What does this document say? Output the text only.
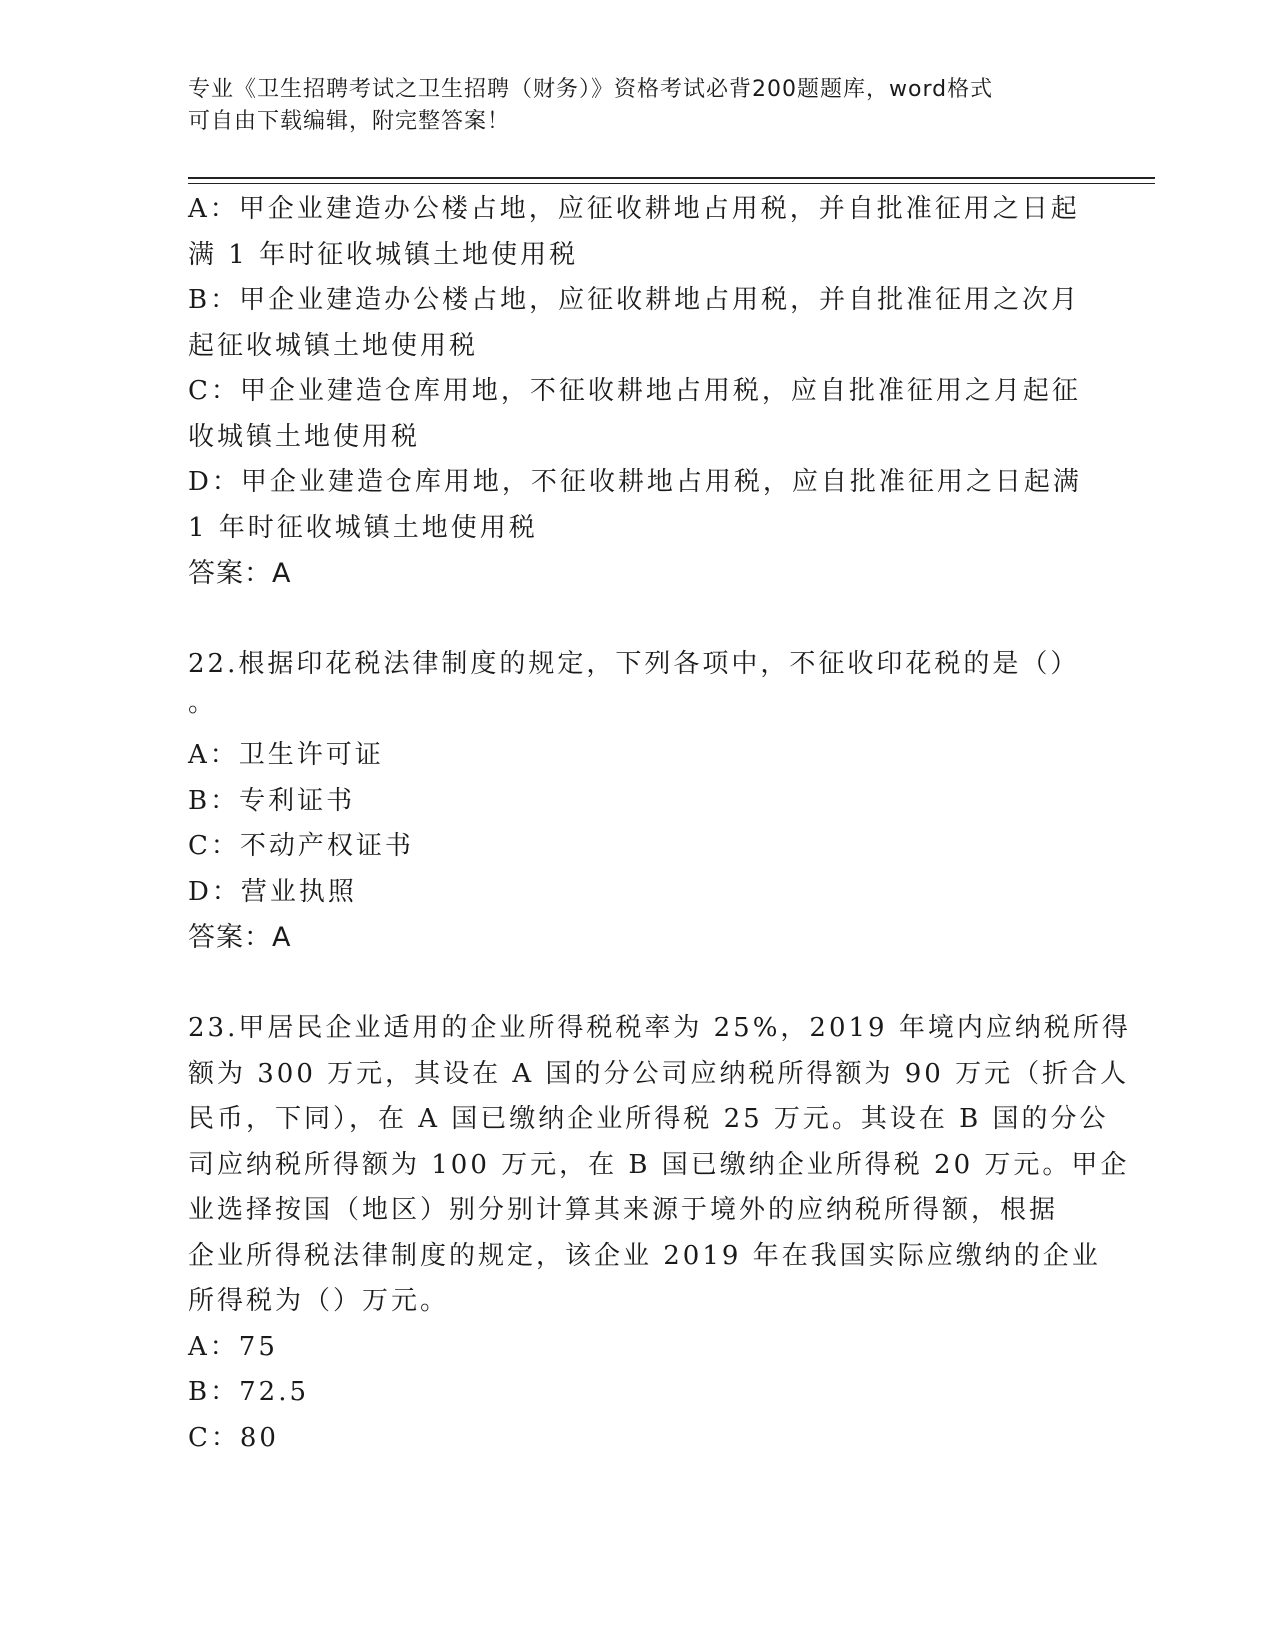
专业《卫生招聘考试之卫生招聘（财务）》资格考试必背200题题库，word格式
可自由下载编辑，附完整答案！
A：甲企业建造办公楼占地，应征收耕地占用税，并自批准征用之日起
满 1 年时征收城镇土地使用税
B：甲企业建造办公楼占地，应征收耕地占用税，并自批准征用之次月
起征收城镇土地使用税
C：甲企业建造仓库用地，不征收耕地占用税，应自批准征用之月起征
收城镇土地使用税
D：甲企业建造仓库用地，不征收耕地占用税，应自批准征用之日起满
1 年时征收城镇土地使用税
答案：A
22.根据印花税法律制度的规定，下列各项中，不征收印花税的是（）
。
A：卫生许可证
B：专利证书
C：不动产权证书
D：营业执照
答案：A
23.甲居民企业适用的企业所得税税率为 25%，2019 年境内应纳税所得
额为 300 万元，其设在 A 国的分公司应纳税所得额为 90 万元（折合人
民币，下同），在 A 国已缴纳企业所得税 25 万元。其设在 B 国的分公
司应纳税所得额为 100 万元，在 B 国已缴纳企业所得税 20 万元。甲企
业选择按国（地区）别分别计算其来源于境外的应纳税所得额，根据
企业所得税法律制度的规定，该企业 2019 年在我国实际应缴纳的企业
所得税为（）万元。
A：75
B：72.5
C：80
